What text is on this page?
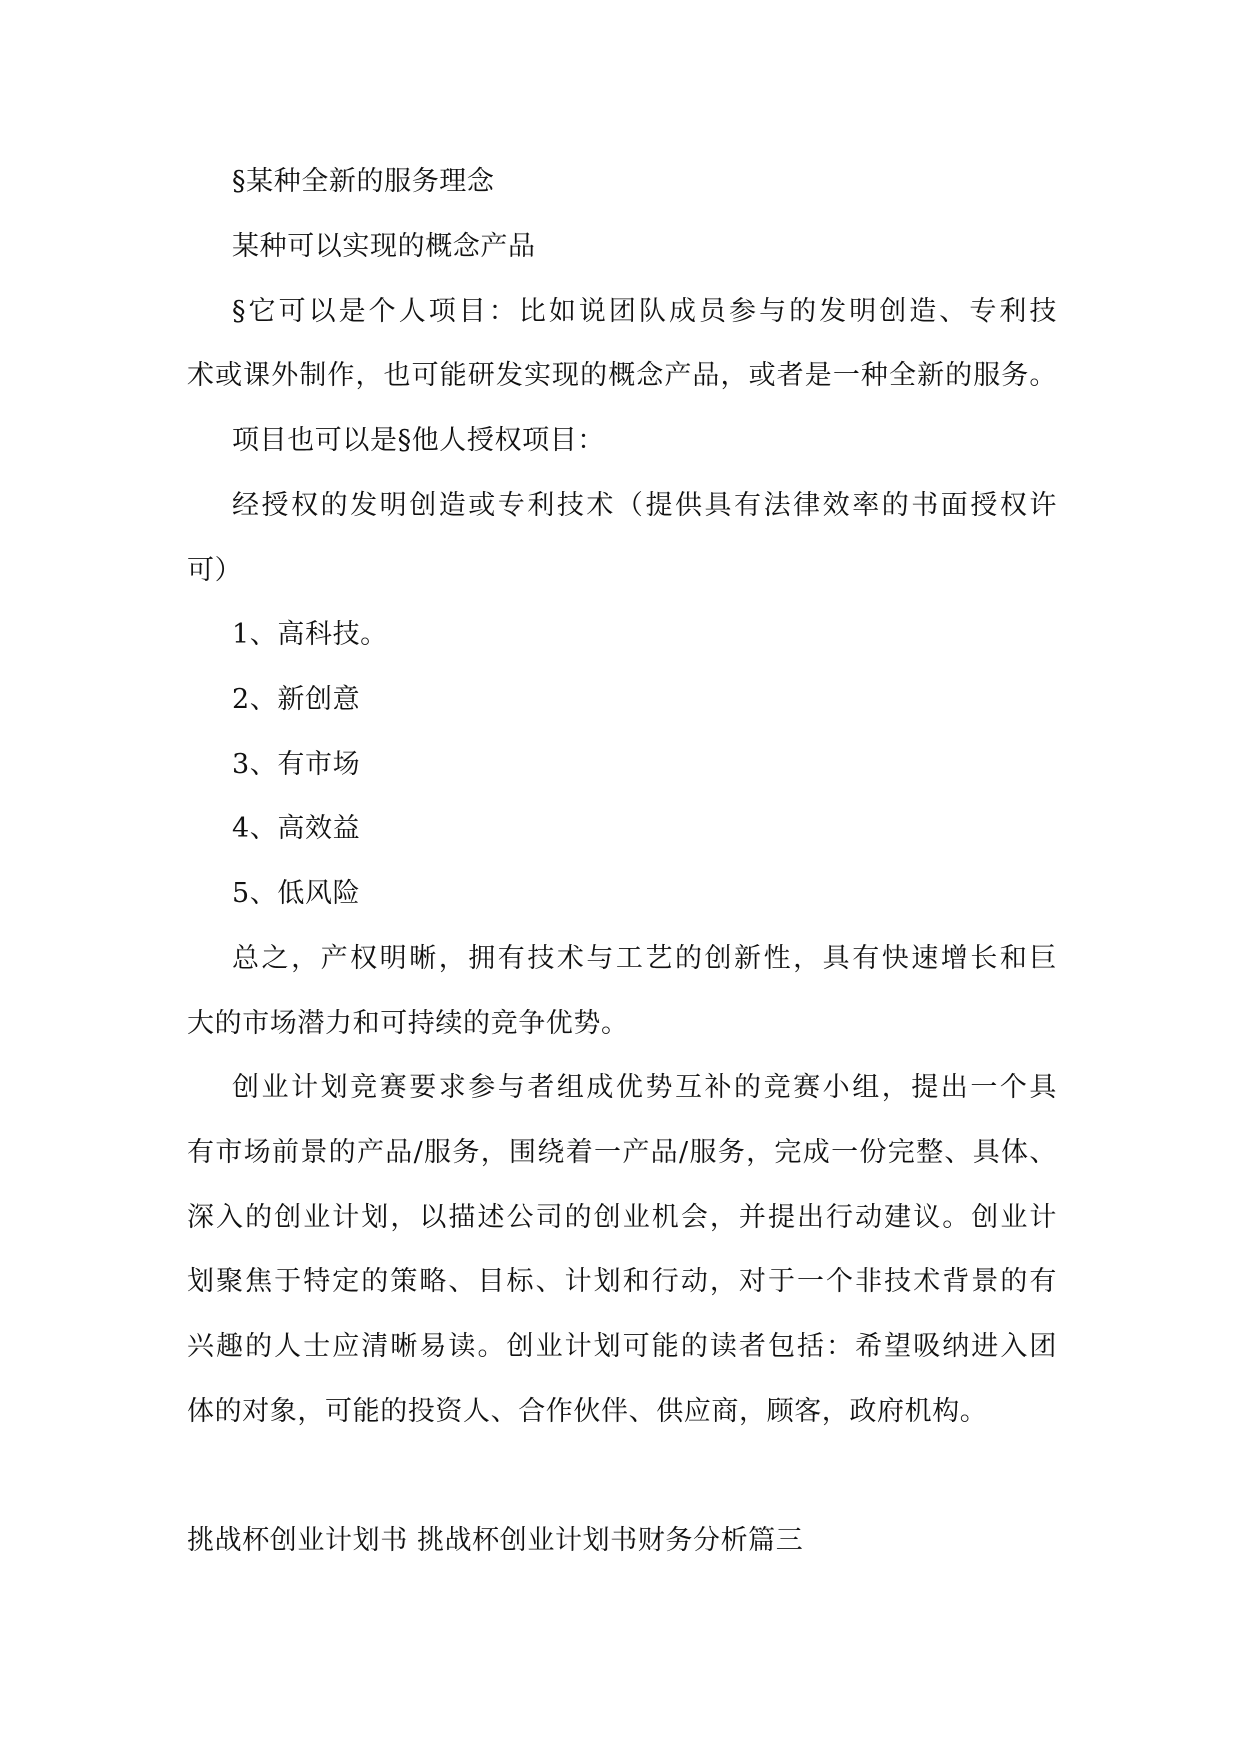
§某种全新的服务理念
某种可以实现的概念产品
§它可以是个人项目：比如说团队成员参与的发明创造、专利技
术或课外制作，也可能研发实现的概念产品，或者是一种全新的服务。
项目也可以是§他人授权项目：
经授权的发明创造或专利技术（提供具有法律效率的书面授权许
可）
1、高科技。
2、新创意
3、有市场
4、高效益
5、低风险
总之，产权明晰，拥有技术与工艺的创新性，具有快速增长和巨
大的市场潜力和可持续的竞争优势。
创业计划竞赛要求参与者组成优势互补的竞赛小组，提出一个具
有市场前景的产品/服务，围绕着一产品/服务，完成一份完整、具体、
深入的创业计划，以描述公司的创业机会，并提出行动建议。创业计
划聚焦于特定的策略、目标、计划和行动，对于一个非技术背景的有
兴趣的人士应清晰易读。创业计划可能的读者包括：希望吸纳进入团
体的对象，可能的投资人、合作伙伴、供应商，顾客，政府机构。
挑战杯创业计划书 挑战杯创业计划书财务分析篇三
